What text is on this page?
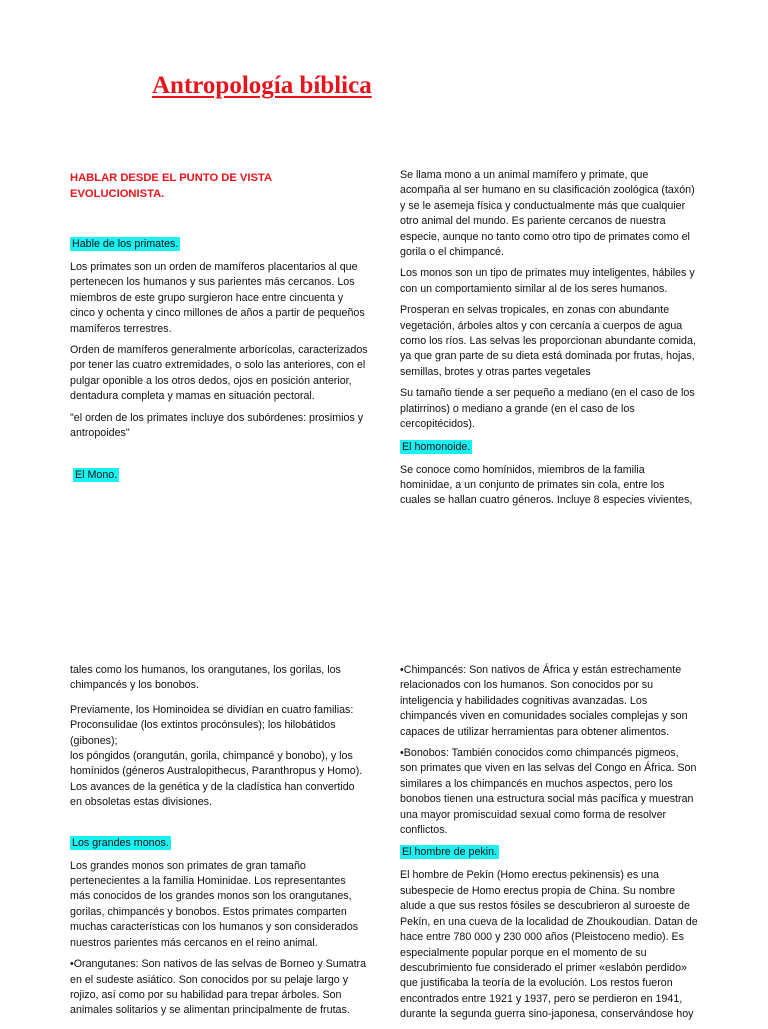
Antropología bíblica

HABLAR DESDE EL PUNTO DE VISTA EVOLUCIONISTA.

Hable de los primates.

Los primates son un orden de mamíferos placentarios al que pertenecen los humanos y sus parientes más cercanos. Los miembros de este grupo surgieron hace entre cincuenta y cinco y ochenta y cinco millones de años a partir de pequeños mamíferos terrestres.

Orden de mamíferos generalmente arborícolas, caracterizados por tener las cuatro extremidades, o solo las anteriores, con el pulgar oponible a los otros dedos, ojos en posición anterior, dentadura completa y mamas en situación pectoral.

"el orden de los primates incluye dos subórdenes: prosimios y antropoides"

El Mono.

Se llama mono a un animal mamífero y primate, que acompaña al ser humano en su clasificación zoológica (taxón) y se le asemeja física y conductualmente más que cualquier otro animal del mundo. Es pariente cercanos de nuestra especie, aunque no tanto como otro tipo de primates como el gorila o el chimpancé.

Los monos son un tipo de primates muy inteligentes, hábiles y con un comportamiento similar al de los seres humanos.

Prosperan en selvas tropicales, en zonas con abundante vegetación, árboles altos y con cercanía a cuerpos de agua como los ríos. Las selvas les proporcionan abundante comida, ya que gran parte de su dieta está dominada por frutas, hojas, semillas, brotes y otras partes vegetales

Su tamaño tiende a ser pequeño a mediano (en el caso de los platirrinos) o mediano a grande (en el caso de los cercopitécidos).

El homonoide.

Se conoce como homínidos, miembros de la familia hominidae, a un conjunto de primates sin cola, entre los cuales se hallan cuatro géneros. Incluye 8 especies vivientes,

tales como los humanos, los orangutanes, los gorilas, los chimpancés y los bonobos.

Previamente, los Hominoidea se dividían en cuatro familias: Proconsulidae (los extintos procónsules); los hilobátidos (gibones);
los póngidos (orangután, gorila, chimpancé y bonobo), y los homínidos (géneros Australopithecus, Paranthropus y Homo). Los avances de la genética y de la cladística han convertido en obsoletas estas divisiones.

Los grandes monos.

Los grandes monos son primates de gran tamaño pertenecientes a la familia Hominidae. Los representantes más conocidos de los grandes monos son los orangutanes, gorilas, chimpancés y bonobos. Estos primates comparten muchas características con los humanos y son considerados nuestros parientes más cercanos en el reino animal.

•Orangutanes: Son nativos de las selvas de Borneo y Sumatra en el sudeste asiático. Son conocidos por su pelaje largo y rojizo, así como por su habilidad para trepar árboles. Son animales solitarios y se alimentan principalmente de frutas.

•Chimpancés: Son nativos de África y están estrechamente relacionados con los humanos. Son conocidos por su inteligencia y habilidades cognitivas avanzadas. Los chimpancés viven en comunidades sociales complejas y son capaces de utilizar herramientas para obtener alimentos.

•Bonobos: También conocidos como chimpancés pigmeos, son primates que viven en las selvas del Congo en África. Son similares a los chimpancés en muchos aspectos, pero los bonobos tienen una estructura social más pacífica y muestran una mayor promiscuidad sexual como forma de resolver conflictos.

El hombre de pekin.

El hombre de Pekín (Homo erectus pekinensis) es una subespecie de Homo erectus propia de China. Su nombre alude a que sus restos fósiles se descubrieron al suroeste de Pekín, en una cueva de la localidad de Zhoukoudian. Datan de hace entre 780 000 y 230 000 años (Pleistoceno medio). Es especialmente popular porque en el momento de su descubrimiento fue considerado el primer «eslabón perdido» que justificaba la teoría de la evolución. Los restos fueron encontrados entre 1921 y 1937, pero se perdieron en 1941, durante la segunda guerra sino-japonesa, conservándose hoy
